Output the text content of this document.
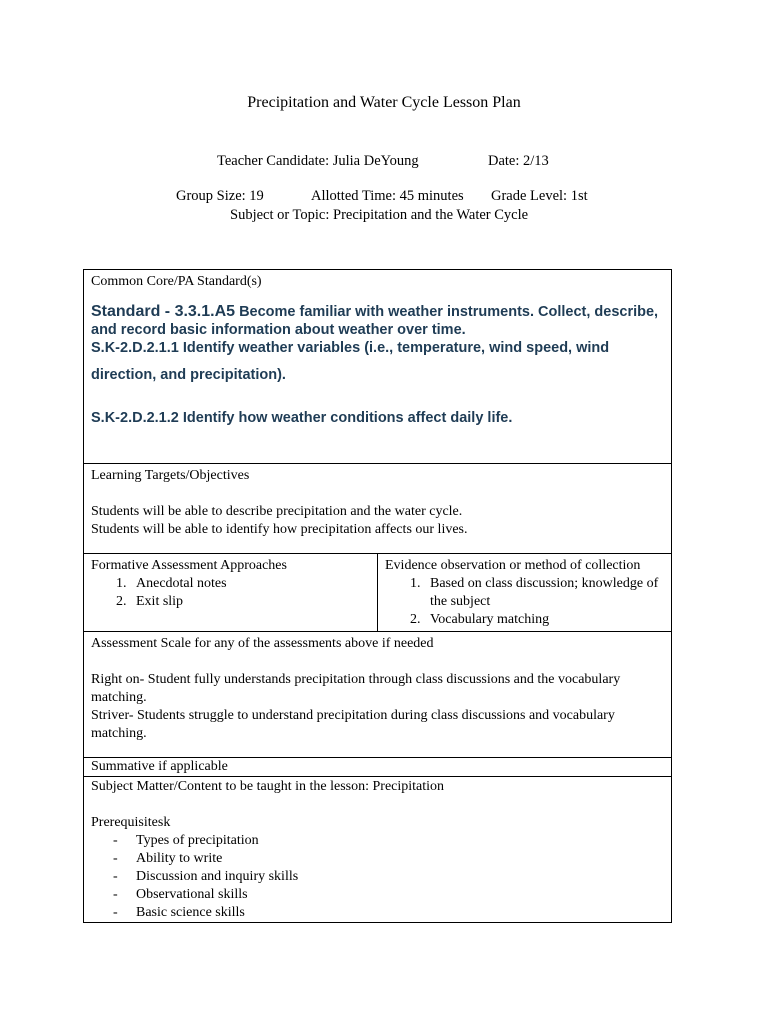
Precipitation and Water Cycle Lesson Plan
Teacher Candidate: Julia DeYoung	Date: 2/13
Group Size: 19	Allotted Time: 45 minutes Grade Level: 1st
Subject or Topic: Precipitation and the Water Cycle
Common Core/PA Standard(s)
Standard - 3.3.1.A5 Become familiar with weather instruments. Collect, describe, and record basic information about weather over time.
S.K-2.D.2.1.1 Identify weather variables (i.e., temperature, wind speed, wind direction, and precipitation).
S.K-2.D.2.1.2 Identify how weather conditions affect daily life.

Learning Targets/Objectives
Students will be able to describe precipitation and the water cycle.
Students will be able to identify how precipitation affects our lives.

Formative Assessment Approaches
1. Anecdotal notes
2. Exit slip

Evidence observation or method of collection
1. Based on class discussion; knowledge of the subject
2. Vocabulary matching

Assessment Scale for any of the assessments above if needed
Right on- Student fully understands precipitation through class discussions and the vocabulary matching.
Striver- Students struggle to understand precipitation during class discussions and vocabulary matching.

Summative if applicable

Subject Matter/Content to be taught in the lesson: Precipitation
Prerequisitesk
- Types of precipitation
- Ability to write
- Discussion and inquiry skills
- Observational skills
- Basic science skills
